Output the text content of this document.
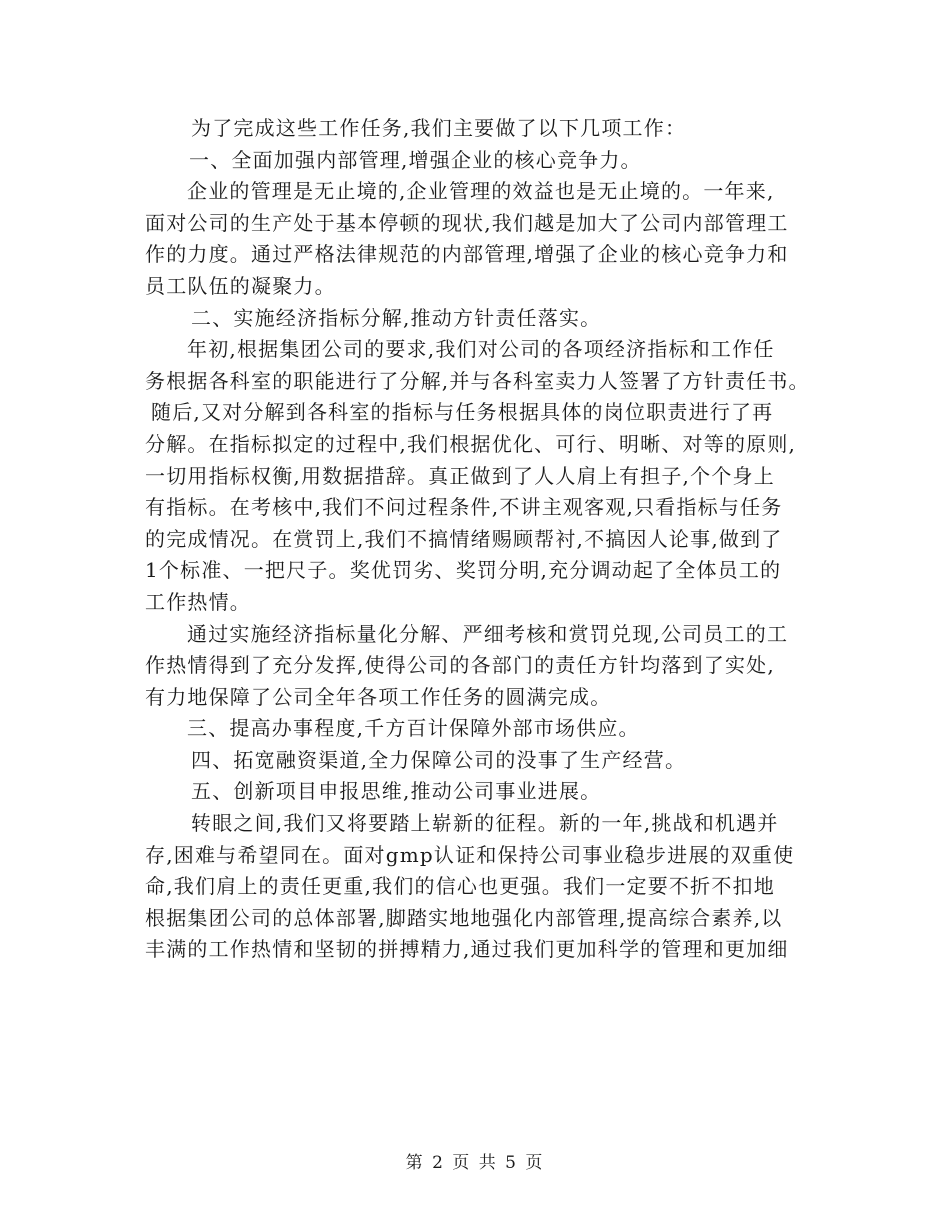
为了完成这些工作任务,我们主要做了以下几项工作：
一、全面加强内部管理,增强企业的核心竞争力。
企业的管理是无止境的,企业管理的效益也是无止境的。一年来,
面对公司的生产处于基本停顿的现状,我们越是加大了公司内部管理工
作的力度。通过严格法律规范的内部管理,增强了企业的核心竞争力和
员工队伍的凝聚力。
二、实施经济指标分解,推动方针责任落实。
年初,根据集团公司的要求,我们对公司的各项经济指标和工作任
务根据各科室的职能进行了分解,并与各科室卖力人签署了方针责任书。
随后,又对分解到各科室的指标与任务根据具体的岗位职责进行了再
分解。在指标拟定的过程中,我们根据优化、可行、明晰、对等的原则,
一切用指标权衡,用数据措辞。真正做到了人人肩上有担子,个个身上
有指标。在考核中,我们不问过程条件,不讲主观客观,只看指标与任务
的完成情况。在赏罚上,我们不搞情绪赐顾帮衬,不搞因人论事,做到了
1个标准、一把尺子。奖优罚劣、奖罚分明,充分调动起了全体员工的
工作热情。
通过实施经济指标量化分解、严细考核和赏罚兑现,公司员工的工
作热情得到了充分发挥,使得公司的各部门的责任方针均落到了实处,
有力地保障了公司全年各项工作任务的圆满完成。
三、提高办事程度,千方百计保障外部市场供应。
四、拓宽融资渠道,全力保障公司的没事了生产经营。
五、创新项目申报思维,推动公司事业进展。
转眼之间,我们又将要踏上崭新的征程。新的一年,挑战和机遇并
存,困难与希望同在。面对gmp认证和保持公司事业稳步进展的双重使
命,我们肩上的责任更重,我们的信心也更强。我们一定要不折不扣地
根据集团公司的总体部署,脚踏实地地强化内部管理,提高综合素养,以
丰满的工作热情和坚韧的拼搏精力,通过我们更加科学的管理和更加细
第 2 页 共 5 页
